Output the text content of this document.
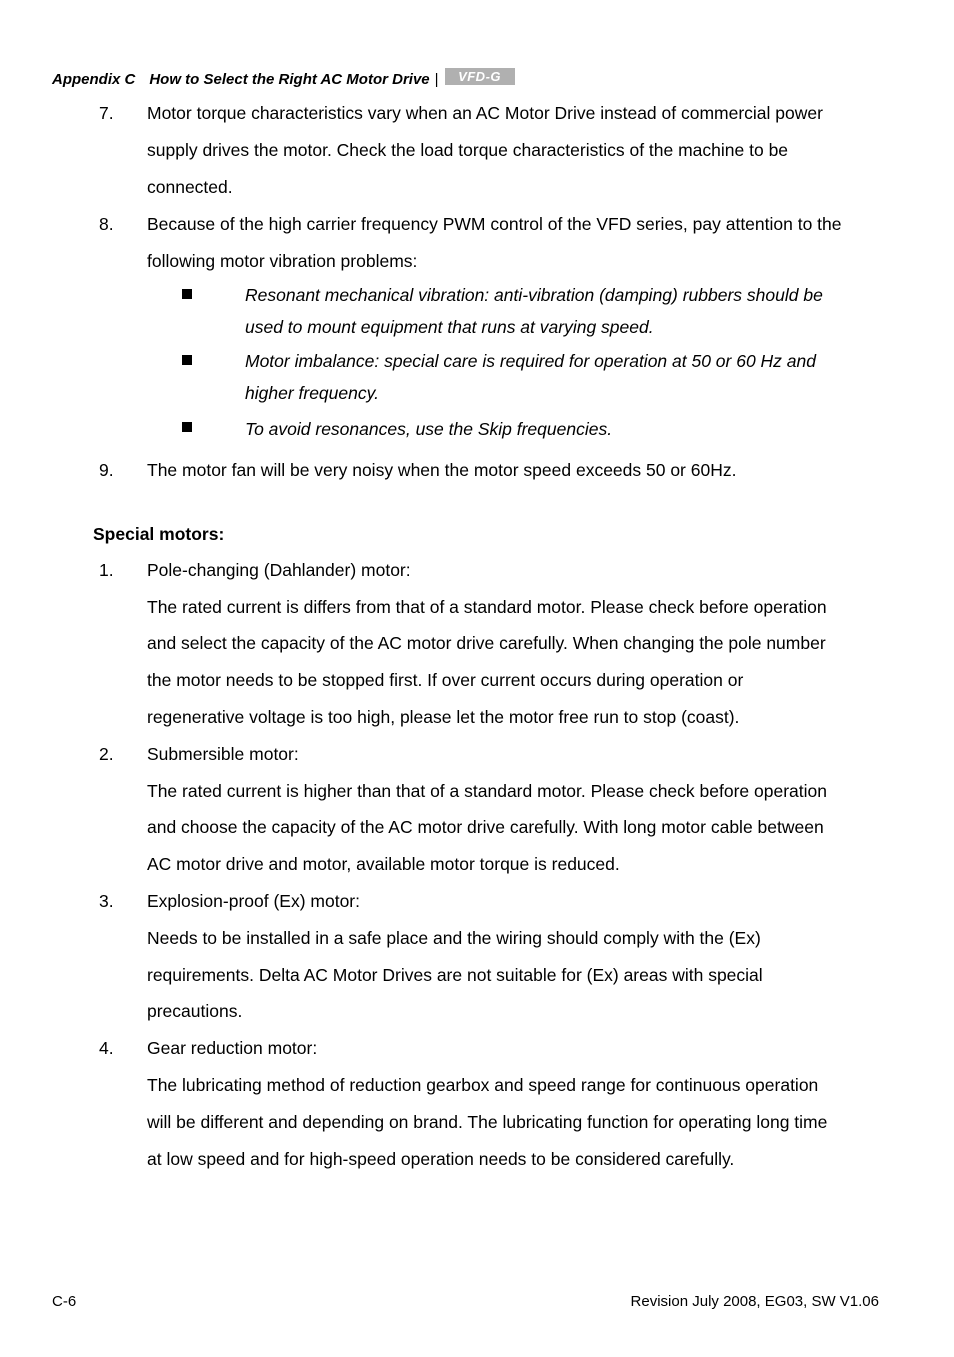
Appendix C How to Select the Right AC Motor Drive | VFD-G
7. Motor torque characteristics vary when an AC Motor Drive instead of commercial power
supply drives the motor. Check the load torque characteristics of the machine to be
connected.
8. Because of the high carrier frequency PWM control of the VFD series, pay attention to the
following motor vibration problems:
Resonant mechanical vibration: anti-vibration (damping) rubbers should be
used to mount equipment that runs at varying speed.
Motor imbalance: special care is required for operation at 50 or 60 Hz and
higher frequency.
To avoid resonances, use the Skip frequencies.
9. The motor fan will be very noisy when the motor speed exceeds 50 or 60Hz.
Special motors:
1. Pole-changing (Dahlander) motor:
The rated current is differs from that of a standard motor. Please check before operation
and select the capacity of the AC motor drive carefully. When changing the pole number
the motor needs to be stopped first. If over current occurs during operation or
regenerative voltage is too high, please let the motor free run to stop (coast).
2. Submersible motor:
The rated current is higher than that of a standard motor. Please check before operation
and choose the capacity of the AC motor drive carefully. With long motor cable between
AC motor drive and motor, available motor torque is reduced.
3. Explosion-proof (Ex) motor:
Needs to be installed in a safe place and the wiring should comply with the (Ex)
requirements. Delta AC Motor Drives are not suitable for (Ex) areas with special
precautions.
4. Gear reduction motor:
The lubricating method of reduction gearbox and speed range for continuous operation
will be different and depending on brand. The lubricating function for operating long time
at low speed and for high-speed operation needs to be considered carefully.
C-6	Revision July 2008, EG03, SW V1.06
